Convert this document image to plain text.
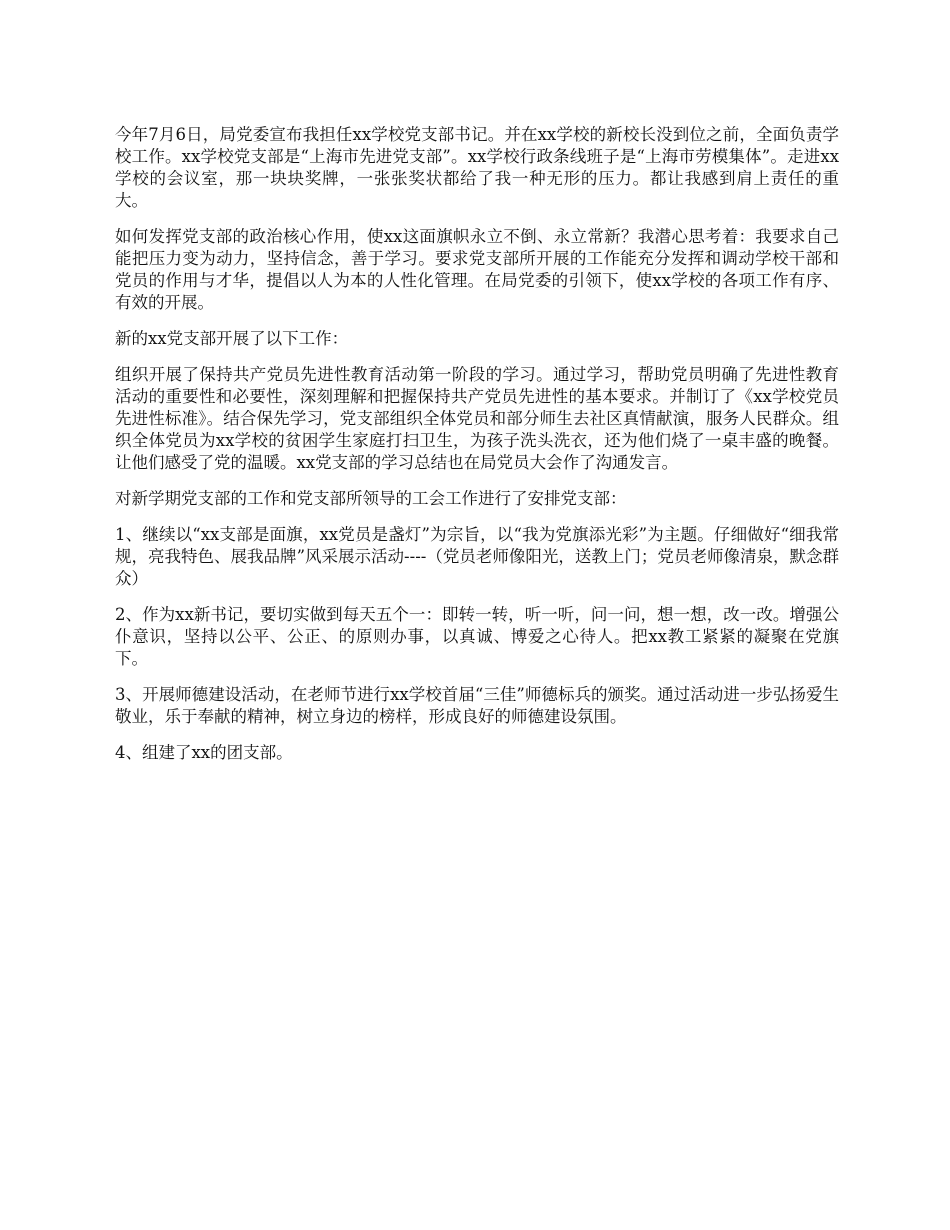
今年7月6日，局党委宣布我担任xx学校党支部书记。并在xx学校的新校长没到位之前，全面负责学校工作。xx学校党支部是“上海市先进党支部”。xx学校行政条线班子是“上海市劳模集体”。走进xx学校的会议室，那一块块奖牌，一张张奖状都给了我一种无形的压力。都让我感到肩上责任的重大。

如何发挥党支部的政治核心作用，使xx这面旗帜永立不倒、永立常新？我潜心思考着：我要求自己能把压力变为动力，坚持信念，善于学习。要求党支部所开展的工作能充分发挥和调动学校干部和党员的作用与才华，提倡以人为本的人性化管理。在局党委的引领下，使xx学校的各项工作有序、有效的开展。

新的xx党支部开展了以下工作：

组织开展了保持共产党员先进性教育活动第一阶段的学习。通过学习，帮助党员明确了先进性教育活动的重要性和必要性，深刻理解和把握保持共产党员先进性的基本要求。并制订了《xx学校党员先进性标准》。结合保先学习，党支部组织全体党员和部分师生去社区真情献演，服务人民群众。组织全体党员为xx学校的贫困学生家庭打扫卫生，为孩子洗头洗衣，还为他们烧了一桌丰盛的晚餐。让他们感受了党的温暖。xx党支部的学习总结也在局党员大会作了沟通发言。

对新学期党支部的工作和党支部所领导的工会工作进行了安排党支部：

1、继续以“xx支部是面旗，xx党员是盏灯”为宗旨，以“我为党旗添光彩”为主题。仔细做好“细我常规，亮我特色、展我品牌”风采展示活动----（党员老师像阳光，送教上门；党员老师像清泉，默念群众）

2、作为xx新书记，要切实做到每天五个一：即转一转，听一听，问一问，想一想，改一改。增强公仆意识，坚持以公平、公正、的原则办事，以真诚、博爱之心待人。把xx教工紧紧的凝聚在党旗下。

3、开展师德建设活动，在老师节进行xx学校首届“三佳”师德标兵的颁奖。通过活动进一步弘扬爱生敬业，乐于奉献的精神，树立身边的榜样，形成良好的师德建设氛围。

4、组建了xx的团支部。
